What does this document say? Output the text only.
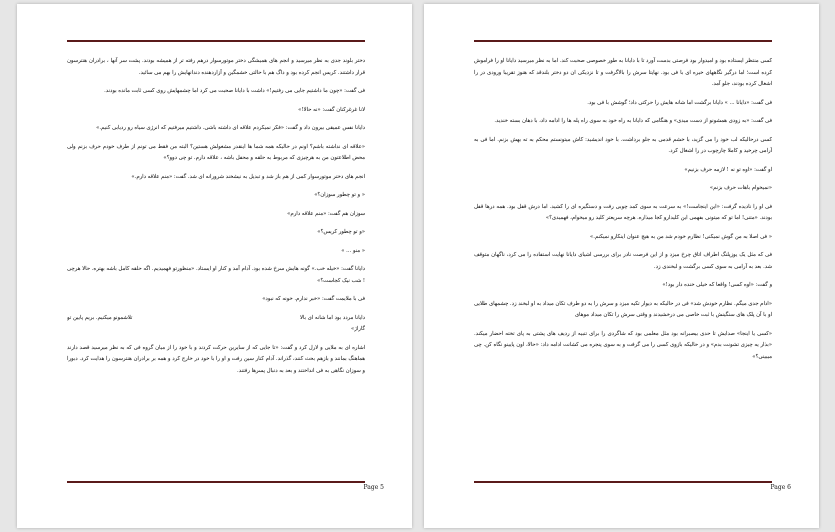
دختر بلوند جدی به نظر میرسید و انجم های همیشگی دختر موتورسوار درهم رفته تر از همیشه بودند. پشت سر آنها ، برادران هنترسون قرار داشتند. کریس انجم کرده بود و داگ هم با حالتی خشمگین و آزاردهنده دندانهایش را بهم می سائید.

فی گفت: «چون ما داشتیم جایی می رفتیم!» داشت با دایانا صحبت می کرد اما چشمهایش روی کسی ثابت مانده بودند.

لانا غرغرکنان گفت: «نه حالا!»

دایانا نفس عمیقی بیرون داد و گفت: «فکر نمیکردم علاقه ای داشته باشی. داشتیم میرفتیم که انرژی سیاه رو ردیابی کنیم.»

«علاقه ای نداشته باشم؟ اونم در حالیکه همه شما ها اینقدر مشغولش هستین؟ البته من فقط می تونم از طرف خودم حرف بزنم ولی محض اطلاعتون من به هرچیزی که مربوط به حلقه و محفل باشه ، علاقه دارم. تو چی دوو؟»

انجم های دختر موتورسوار کمی از هم باز شد و تبدیل به نیشخند شرورانه ای شد. گفت: «منم علاقه دارم.»

« و تو چطور سوزان؟»

سوزان هم گفت: «منم علاقه دارم»

«و تو چطور کریس؟»

« منو ... »

دایانا گفت: «خیله خب.» گونه هایش سرخ شده بود. آدام آمد و کنار او ایستاد. «منظورتو فهمیدیم. اگه حلقه کامل باشه بهتره. حالا هرچی ! شب نیک کجاست؟»

فی با ملایمت گفت: «خبر ندارم. خونه که نبود»

دایانا مردد بود اما شانه ای بالا
تلاشمونو میکنیم. بریم پایین تو

گاراژ»

اشاره ای به ملایی و لارل کرد و گفت: «تا جایی که از سایرین حرکت کردند و با خود را از میان گروه فی که به نظر میرسید قصد دارند هماهنگ بمانند و بازهم بحث کنند، گذراند. آدام کنار سین رفت و او را با خود در خارج کرد و همه بر برادران هنترسون را هدایت کرد. دبورا و سوزان نگاهی به فی انداختند و بعد به دنبال پسرها رفتند.

Page 5

کسی منتظر ایستاده بود و امیدوار بود فرصتی بدست آورد تا با دایانا به طور خصوصی صحبت کند. اما به نظر میرسید دایانا او را فراموش کرده است؛ اما درگیر نگاههای خیره ای با فی بود. نهایتا سرش را بالاگرفت و تا نزدیکی ان دو دختر بلندقد که هنوز تقریبا ورودی در را اشغال کرده بودند، جلو آمد.

فی گفت: «دایانا ... » دایانا برگشت اما شانه هایش را حرکتی داد؛ گوشش با فی بود.

فی گفت: «به زودی همشونو از دست میدی» و هنگامی که دایانا به راه خود به سوی راه پله ها را ادامه داد، با دهان بسته خندید.

کسی درحالیکه لب خود را می گزید، با خشم قدمی به جلو برداشت. با خود اندیشید: کاش میتونستم محکم به ته بهش بزنم. اما فی به آرامی چرخید و کاملا چارچوب در را اشغال کرد.

او گفت: «اوه تو نه ! لازمه حرف بزنیم»

«نمیخوام باهات حرف بزنم»

فی او را نادیده گرفت: «این اینجاست!» به سرعت به سوی کمد چوبی رفت و دستگیره ای را کشید. اما درش قفل بود. همه درها قفل بودند. «متنی! اما تو که میتونی بفهمی این کلیدارو کجا میذاره. هرچه سریعتر کلید رو میخوام، فهمیدی؟»

« فی اصلا به من گوش نمیکنی! نظارم خودم شد من به هیچ عنوان اینکارو نمیکنم.»

فی که مثل یک یوزپلنگ اطراف اتاق چرخ میزد و از این فرصت نادر برای بررسی اشیای دایانا نهایت استفاده را می کرد، ناگهان متوقف شد. بعد به آرامی به سوی کسی برگشت و لبخندی زد.

و گفت: «اوه کسی! واقعا که خیلی خنده دار بود!»

«ادام جدی میگم. نظارم خودش شد» فی در حالیکه به دیوار تکیه میزد و سرش را به دو طرف تکان میداد به او لبخند زد. چشمهای طلایی او با آن پلک های سنگینش با ثبت خاصی می درخشیدند و وقتی سرش را تکان میداد موهای

«کسی یا اینجا» صدایش تا حدی بیصبرانه بود مثل معلمی بود که شاگردی را برای تنبیه از ردیف های پشتی به پای تخته احضار میکند. «بذار یه چیزی تشونت بدم» و در حالیکه بازوی کسی را می گرفت و به سوی پنجره می کشانت ادامه داد: «حالا، اون پایینو نگاه کن. چی میبینی؟»

Page 6
